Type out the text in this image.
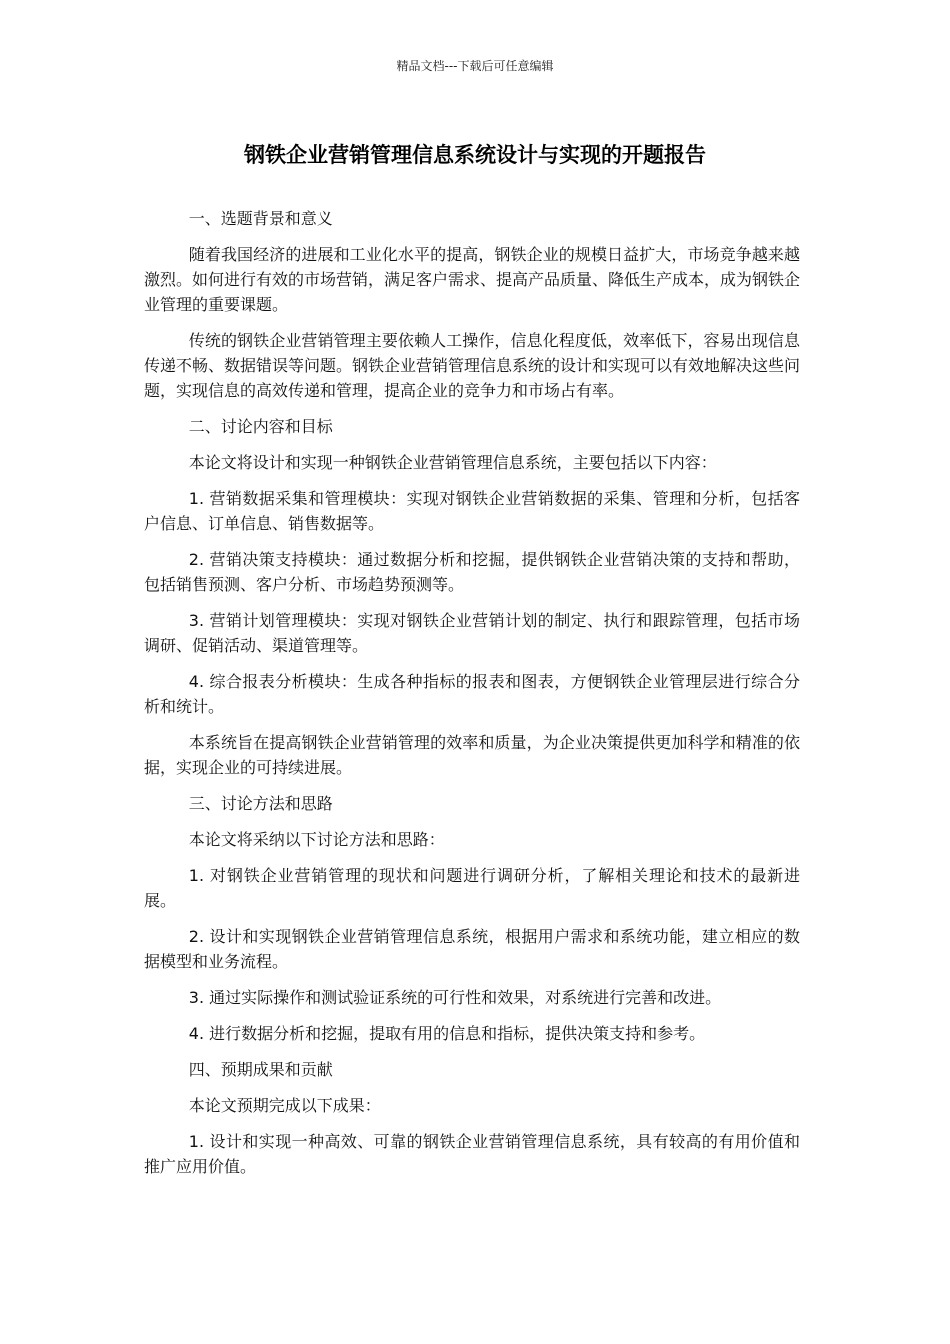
精品文档---下载后可任意编辑
钢铁企业营销管理信息系统设计与实现的开题报告

一、选题背景和意义

随着我国经济的进展和工业化水平的提高，钢铁企业的规模日益扩大，市场竞争越来越激烈。如何进行有效的市场营销，满足客户需求、提高产品质量、降低生产成本，成为钢铁企业管理的重要课题。

传统的钢铁企业营销管理主要依赖人工操作，信息化程度低，效率低下，容易出现信息传递不畅、数据错误等问题。钢铁企业营销管理信息系统的设计和实现可以有效地解决这些问题，实现信息的高效传递和管理，提高企业的竞争力和市场占有率。

二、讨论内容和目标

本论文将设计和实现一种钢铁企业营销管理信息系统，主要包括以下内容：

1. 营销数据采集和管理模块：实现对钢铁企业营销数据的采集、管理和分析，包括客户信息、订单信息、销售数据等。

2. 营销决策支持模块：通过数据分析和挖掘，提供钢铁企业营销决策的支持和帮助，包括销售预测、客户分析、市场趋势预测等。

3. 营销计划管理模块：实现对钢铁企业营销计划的制定、执行和跟踪管理，包括市场调研、促销活动、渠道管理等。

4. 综合报表分析模块：生成各种指标的报表和图表，方便钢铁企业管理层进行综合分析和统计。

本系统旨在提高钢铁企业营销管理的效率和质量，为企业决策提供更加科学和精准的依据，实现企业的可持续进展。

三、讨论方法和思路

本论文将采纳以下讨论方法和思路：

1. 对钢铁企业营销管理的现状和问题进行调研分析，了解相关理论和技术的最新进展。

2. 设计和实现钢铁企业营销管理信息系统，根据用户需求和系统功能，建立相应的数据模型和业务流程。

3. 通过实际操作和测试验证系统的可行性和效果，对系统进行完善和改进。

4. 进行数据分析和挖掘，提取有用的信息和指标，提供决策支持和参考。

四、预期成果和贡献

本论文预期完成以下成果：

1. 设计和实现一种高效、可靠的钢铁企业营销管理信息系统，具有较高的有用价值和推广应用价值。
